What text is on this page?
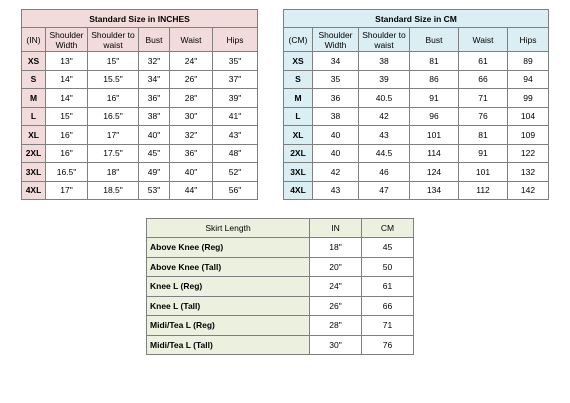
Standard Size in INCHES					
(IN)	Shoulder Width	Shoulder to waist	Bust	Waist	Hips
XS	13"	15"	32"	24"	35"
S	14"	15.5"	34"	26"	37"
M	14"	16"	36"	28"	39"
L	15"	16.5"	38"	30"	41"
XL	16"	17"	40"	32"	43"
2XL	16"	17.5"	45"	36"	48"
3XL	16.5"	18"	49"	40"	52"
4XL	17"	18.5"	53"	44"	56"
Standard Size in CM					
(CM)	Shoulder Width	Shoulder to waist	Bust	Waist	Hips
XS	34	38	81	61	89
S	35	39	86	66	94
M	36	40.5	91	71	99
L	38	42	96	76	104
XL	40	43	101	81	109
2XL	40	44.5	114	91	122
3XL	42	46	124	101	132
4XL	43	47	134	112	142
Skirt Length	IN	CM
Above Knee (Reg)	18"	45
Above Knee (Tall)	20"	50
Knee L (Reg)	24"	61
Knee L (Tall)	26"	66
Midi/Tea L (Reg)	28"	71
Midi/Tea L (Tall)	30"	76
